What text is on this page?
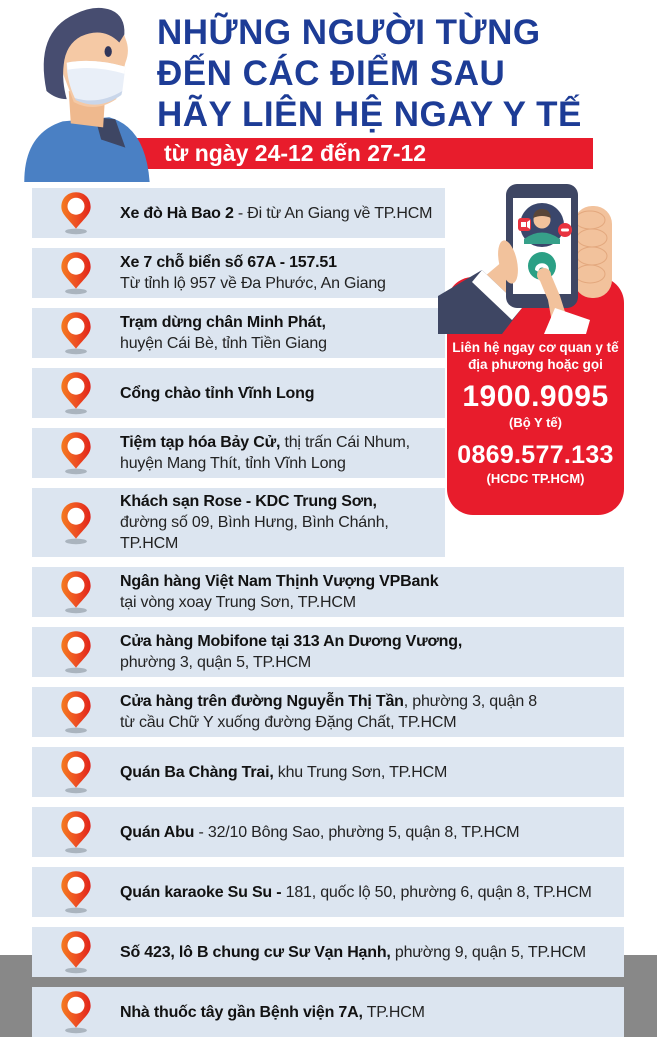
từ ngày 24-12 đến 27-12
NHỮNG NGƯỜI TỪNG
ĐẾN CÁC ĐIỂM SAU
HÃY LIÊN HỆ NGAY Y TẾ
Xe đò Hà Bao 2 - Đi từ An Giang về TP.HCM
Xe 7 chỗ biển số 67A - 157.51
Từ tỉnh lộ 957 về Đa Phước, An Giang
Trạm dừng chân Minh Phát,
huyện Cái Bè, tỉnh Tiền Giang
Cổng chào tỉnh Vĩnh Long
Tiệm tạp hóa Bảy Cử, thị trấn Cái Nhum,
huyện Mang Thít, tỉnh Vĩnh Long
Khách sạn Rose - KDC Trung Sơn,
đường số 09, Bình Hưng, Bình Chánh, TP.HCM
Ngân hàng Việt Nam Thịnh Vượng VPBank
tại vòng xoay Trung Sơn, TP.HCM
Cửa hàng Mobifone tại 313 An Dương Vương,
phường 3, quận 5, TP.HCM
Cửa hàng trên đường Nguyễn Thị Tần, phường 3, quận 8
từ cầu Chữ Y xuống đường Đặng Chất, TP.HCM
Quán Ba Chàng Trai, khu Trung Sơn, TP.HCM
Quán Abu - 32/10 Bông Sao, phường 5, quận 8, TP.HCM
Quán karaoke Su Su - 181, quốc lộ 50, phường 6, quận 8, TP.HCM
Số 423, lô B chung cư Sư Vạn Hạnh, phường 9, quận 5, TP.HCM
Nhà thuốc tây gần Bệnh viện 7A, TP.HCM
Liên hệ ngay cơ quan y tế
địa phương hoặc gọi
1900.9095
(Bộ Y tế)
0869.577.133
(HCDC TP.HCM)
